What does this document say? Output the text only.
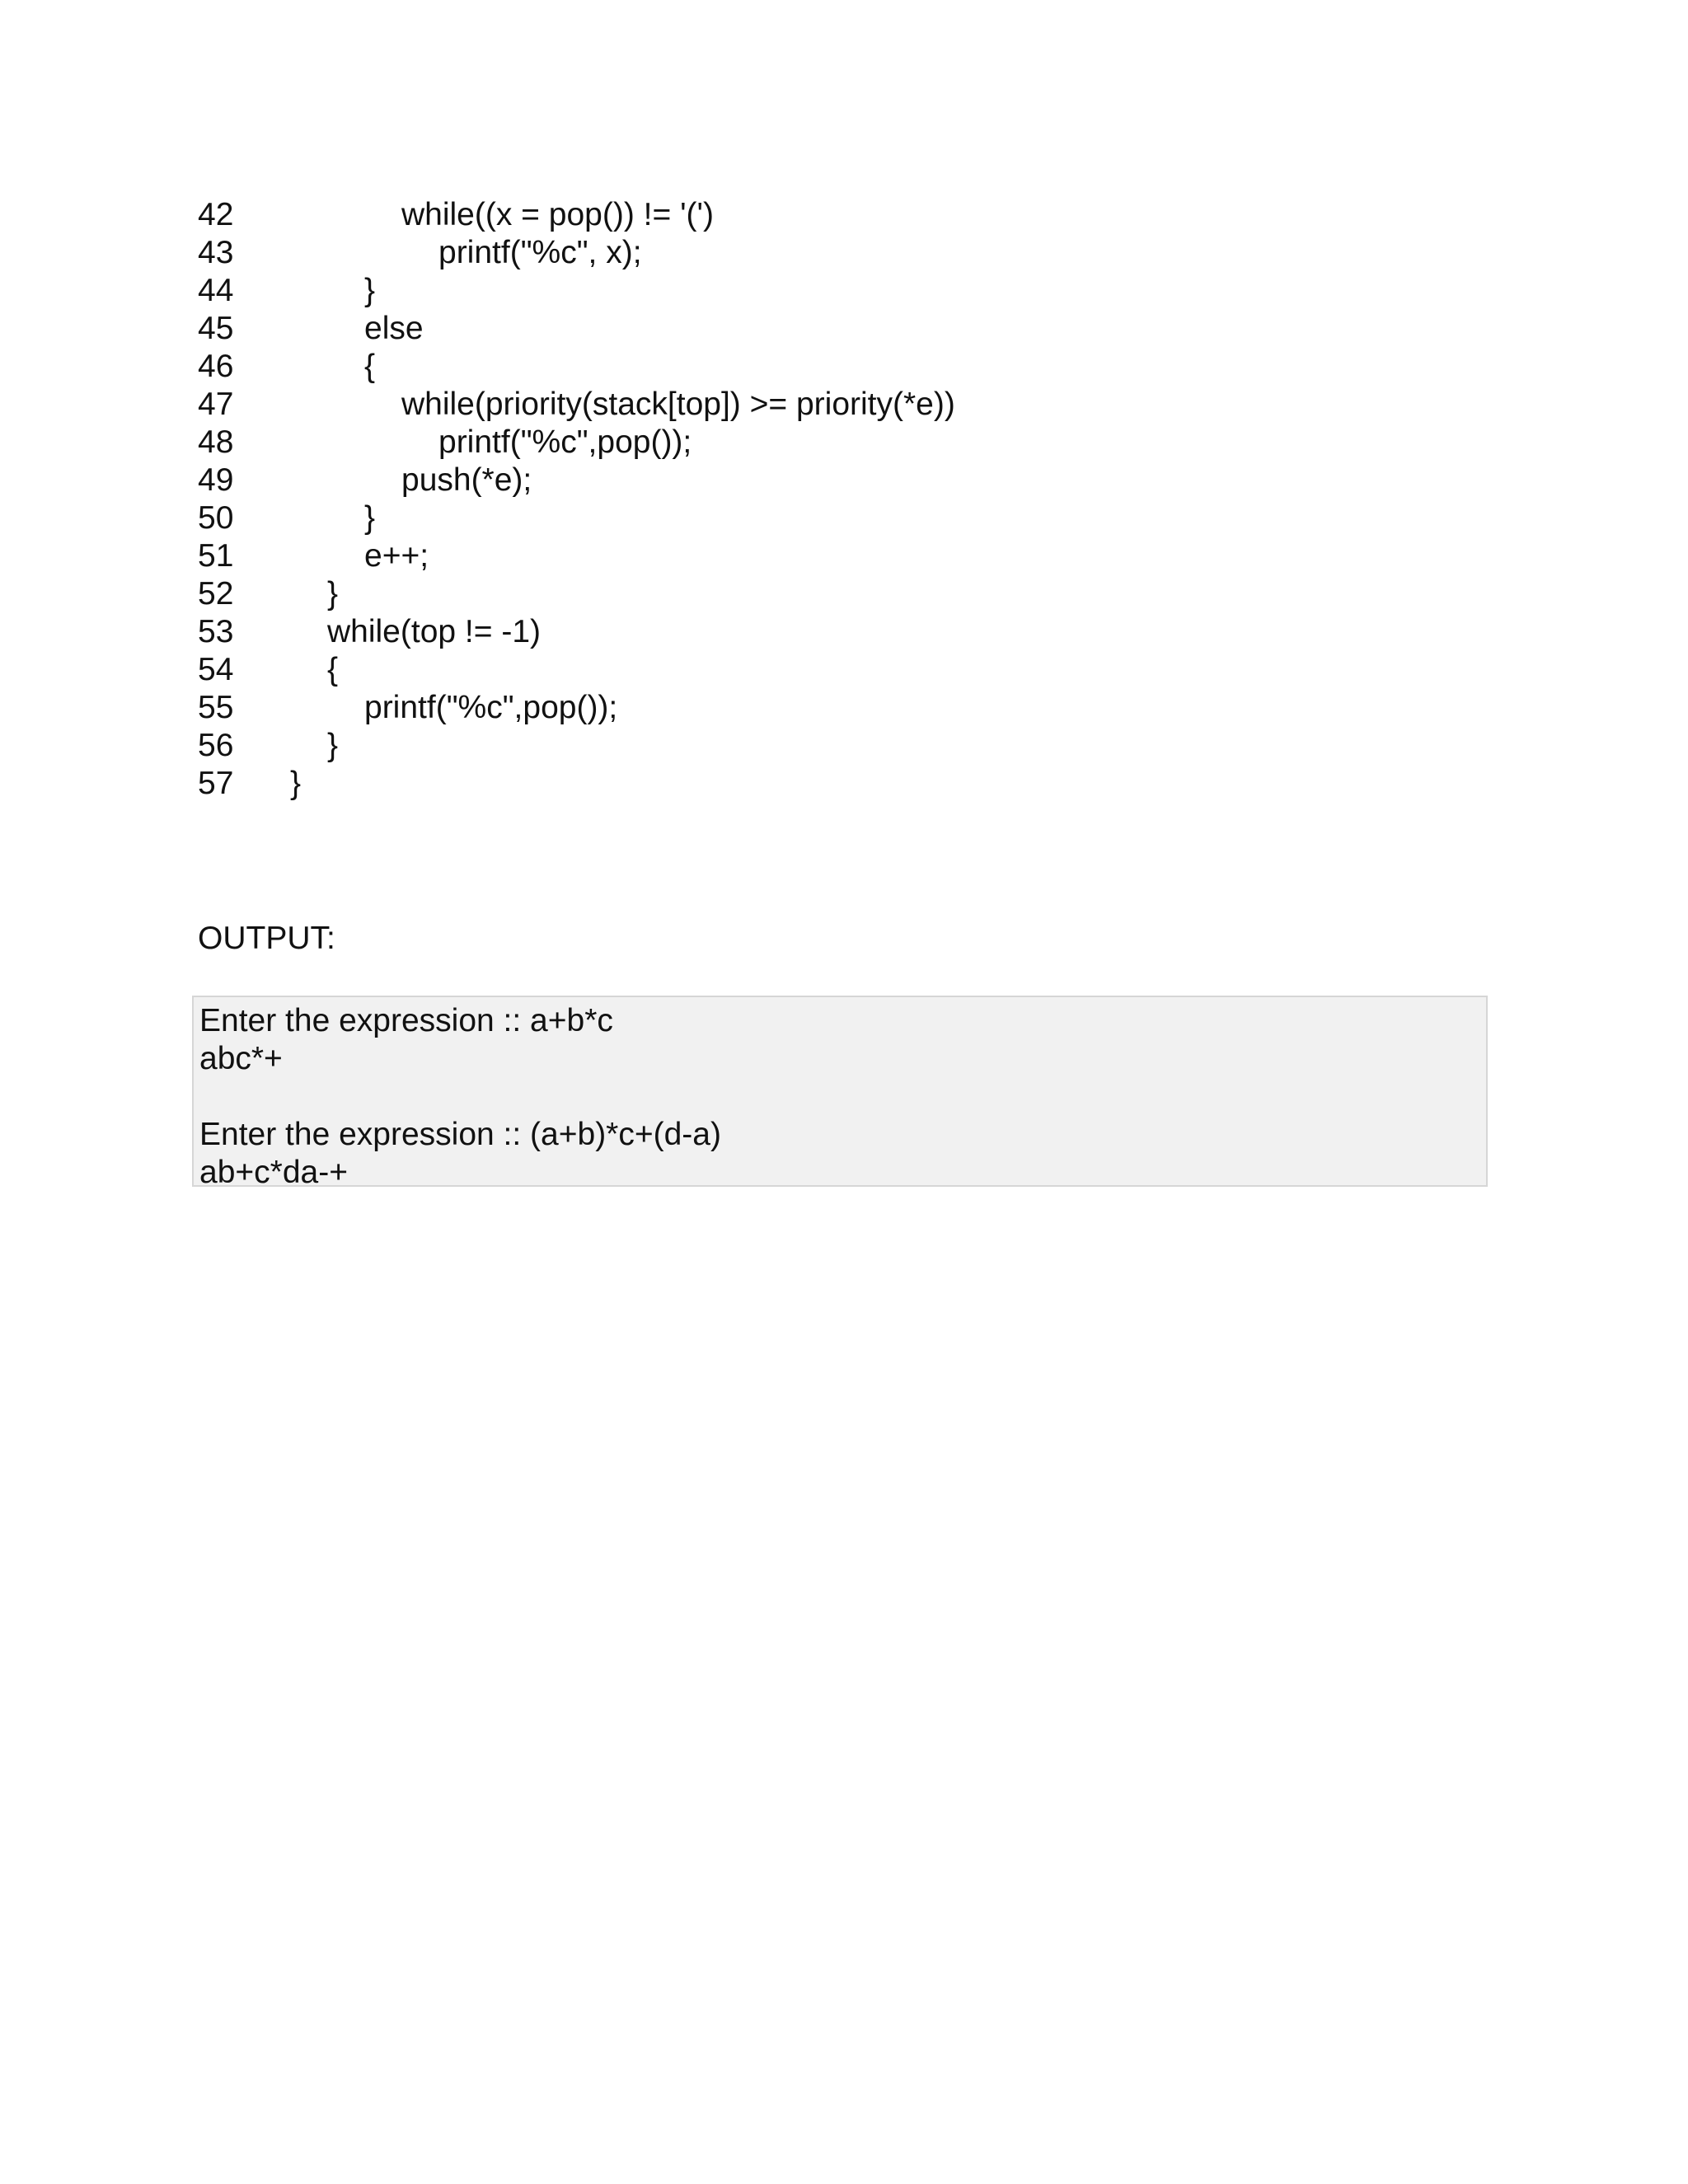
42	while((x = pop()) != '(')
43	printf("%c", x);
44	}
45	else
46	{
47	while(priority(stack[top]) >= priority(*e))
48	printf("%c",pop());
49	push(*e);
50	}
51	e++;
52	}
53	while(top != -1)
54	{
55	printf("%c",pop());
56	}
57	}
OUTPUT:
Enter the expression :: a+b*c
abc*+
Enter the expression :: (a+b)*c+(d-a)
ab+c*da-+
